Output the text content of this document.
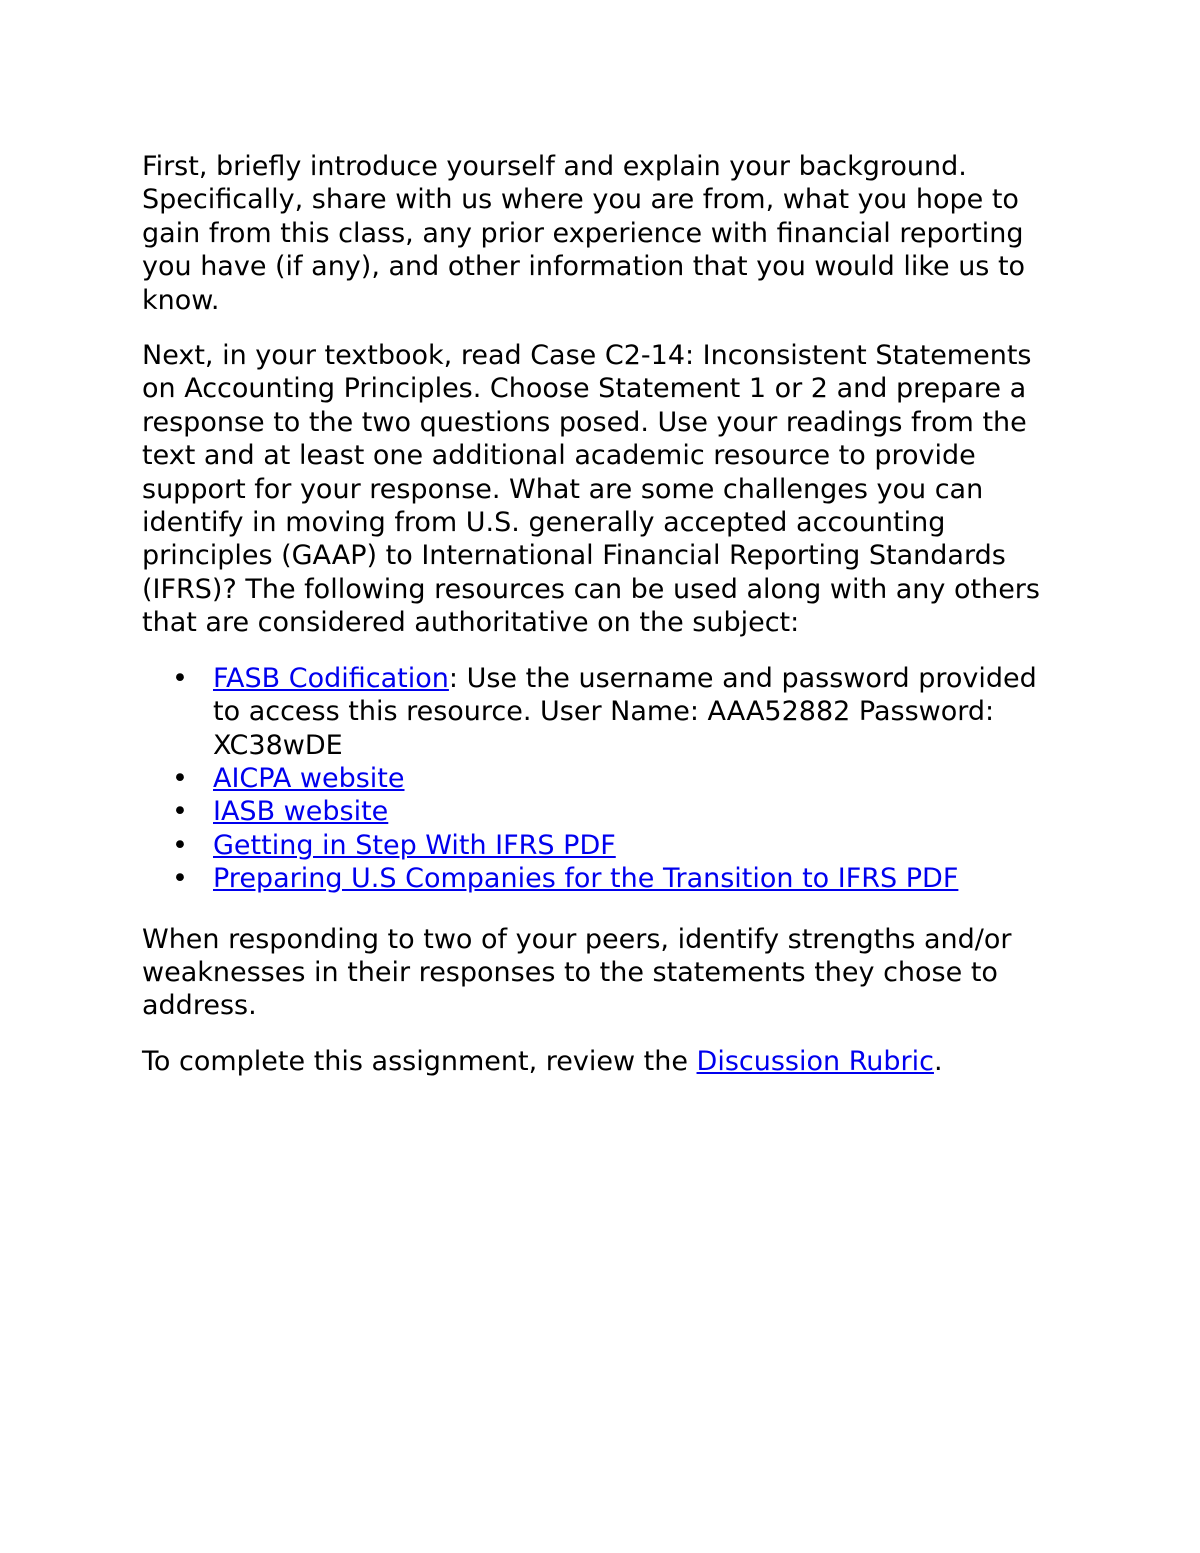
First, briefly introduce yourself and explain your background. Specifically, share with us where you are from, what you hope to gain from this class, any prior experience with financial reporting you have (if any), and other information that you would like us to know.

Next, in your textbook, read Case C2-14: Inconsistent Statements on Accounting Principles. Choose Statement 1 or 2 and prepare a response to the two questions posed. Use your readings from the text and at least one additional academic resource to provide support for your response. What are some challenges you can identify in moving from U.S. generally accepted accounting principles (GAAP) to International Financial Reporting Standards (IFRS)? The following resources can be used along with any others that are considered authoritative on the subject:

• FASB Codification: Use the username and password provided to access this resource. User Name: AAA52882 Password: XC38wDE
• AICPA website
• IASB website
• Getting in Step With IFRS PDF
• Preparing U.S Companies for the Transition to IFRS PDF

When responding to two of your peers, identify strengths and/or weaknesses in their responses to the statements they chose to address.

To complete this assignment, review the Discussion Rubric.
